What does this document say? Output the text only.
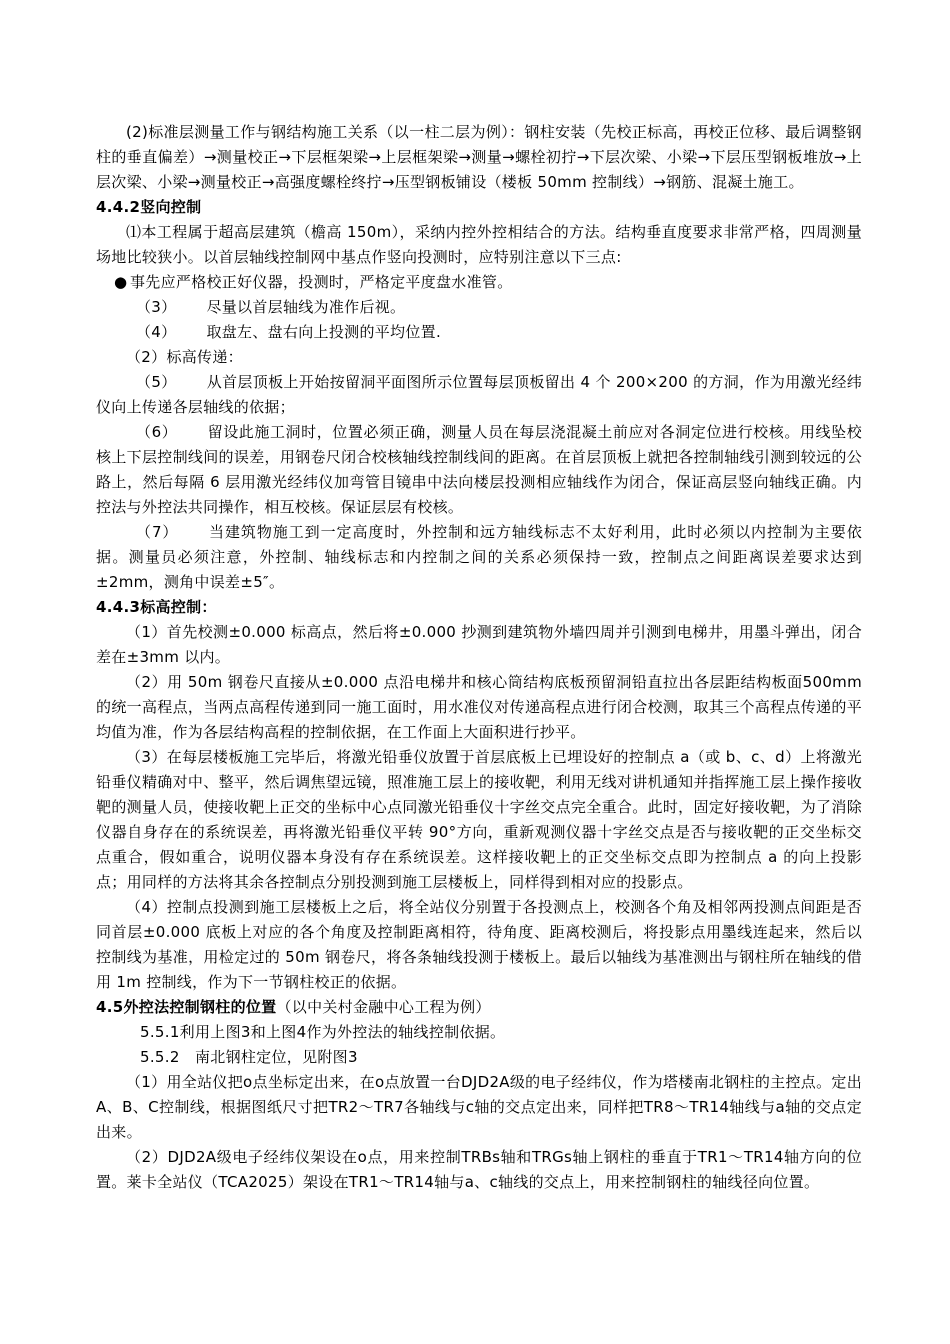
(2)标准层测量工作与钢结构施工关系（以一柱二层为例）：钢柱安装（先校正标高，再校正位移、最后调整钢柱的垂直偏差）→测量校正→下层框架梁→上层框架梁→测量→螺栓初拧→下层次梁、小梁→下层压型钢板堆放→上层次梁、小梁→测量校正→高强度螺栓终拧→压型钢板铺设（楼板 50mm 控制线）→钢筋、混凝土施工。

4.4.2竖向控制

⑴本工程属于超高层建筑（檐高 150m），采纳内控外控相结合的方法。结构垂直度要求非常严格，四周测量场地比较狭小。以首层轴线控制网中基点作竖向投测时，应特别注意以下三点:

● 事先应严格校正好仪器，投测时，严格定平度盘水准管。

（3） 尽量以首层轴线为准作后视。

（4） 取盘左、盘右向上投测的平均位置.

（2）标高传递：

（5） 从首层顶板上开始按留洞平面图所示位置每层顶板留出 4 个 200×200 的方洞，作为用激光经纬仪向上传递各层轴线的依据；

（6） 留设此施工洞时，位置必须正确，测量人员在每层浇混凝土前应对各洞定位进行校核。用线坠校核上下层控制线间的误差，用钢卷尺闭合校核轴线控制线间的距离。在首层顶板上就把各控制轴线引测到较远的公路上，然后每隔 6 层用激光经纬仪加弯管目镜串中法向楼层投测相应轴线作为闭合，保证高层竖向轴线正确。内控法与外控法共同操作，相互校核。保证层层有校核。

（7） 当建筑物施工到一定高度时，外控制和远方轴线标志不太好利用，此时必须以内控制为主要依据。测量员必须注意，外控制、轴线标志和内控制之间的关系必须保持一致，控制点之间距离误差要求达到±2mm，测角中误差±5″。

4.4.3标高控制：

（1）首先校测±0.000 标高点，然后将±0.000 抄测到建筑物外墙四周并引测到电梯井，用墨斗弹出，闭合差在±3mm 以内。

（2）用 50m 钢卷尺直接从±0.000 点沿电梯井和核心筒结构底板预留洞铅直拉出各层距结构板面500mm 的统一高程点，当两点高程传递到同一施工面时，用水准仪对传递高程点进行闭合校测，取其三个高程点传递的平均值为准，作为各层结构高程的控制依据，在工作面上大面积进行抄平。

（3）在每层楼板施工完毕后，将激光铅垂仪放置于首层底板上已埋设好的控制点 a（或 b、c、d）上将激光铅垂仪精确对中、整平，然后调焦望远镜，照准施工层上的接收靶，利用无线对讲机通知并指挥施工层上操作接收靶的测量人员，使接收靶上正交的坐标中心点同激光铅垂仪十字丝交点完全重合。此时，固定好接收靶，为了消除仪器自身存在的系统误差，再将激光铅垂仪平转 90°方向，重新观测仪器十字丝交点是否与接收靶的正交坐标交点重合，假如重合，说明仪器本身没有存在系统误差。这样接收靶上的正交坐标交点即为控制点 a 的向上投影点；用同样的方法将其余各控制点分别投测到施工层楼板上，同样得到相对应的投影点。

（4）控制点投测到施工层楼板上之后，将全站仪分别置于各投测点上，校测各个角及相邻两投测点间距是否同首层±0.000 底板上对应的各个角度及控制距离相符，待角度、距离校测后，将投影点用墨线连起来，然后以控制线为基准，用检定过的 50m 钢卷尺，将各条轴线投测于楼板上。最后以轴线为基准测出与钢柱所在轴线的借用 1m 控制线，作为下一节钢柱校正的依据。

4.5外控法控制钢柱的位置（以中关村金融中心工程为例）

5.5.1利用上图3和上图4作为外控法的轴线控制依据。

5.5.2　南北钢柱定位，见附图3

（1）用全站仪把o点坐标定出来，在o点放置一台DJD2A级的电子经纬仪，作为塔楼南北钢柱的主控点。定出A、B、C控制线，根据图纸尺寸把TR2～TR7各轴线与c轴的交点定出来，同样把TR8～TR14轴线与a轴的交点定出来。

（2）DJD2A级电子经纬仪架设在o点，用来控制TRBs轴和TRGs轴上钢柱的垂直于TR1～TR14轴方向的位置。莱卡全站仪（TCA2025）架设在TR1～TR14轴与a、c轴线的交点上，用来控制钢柱的轴线径向位置。
